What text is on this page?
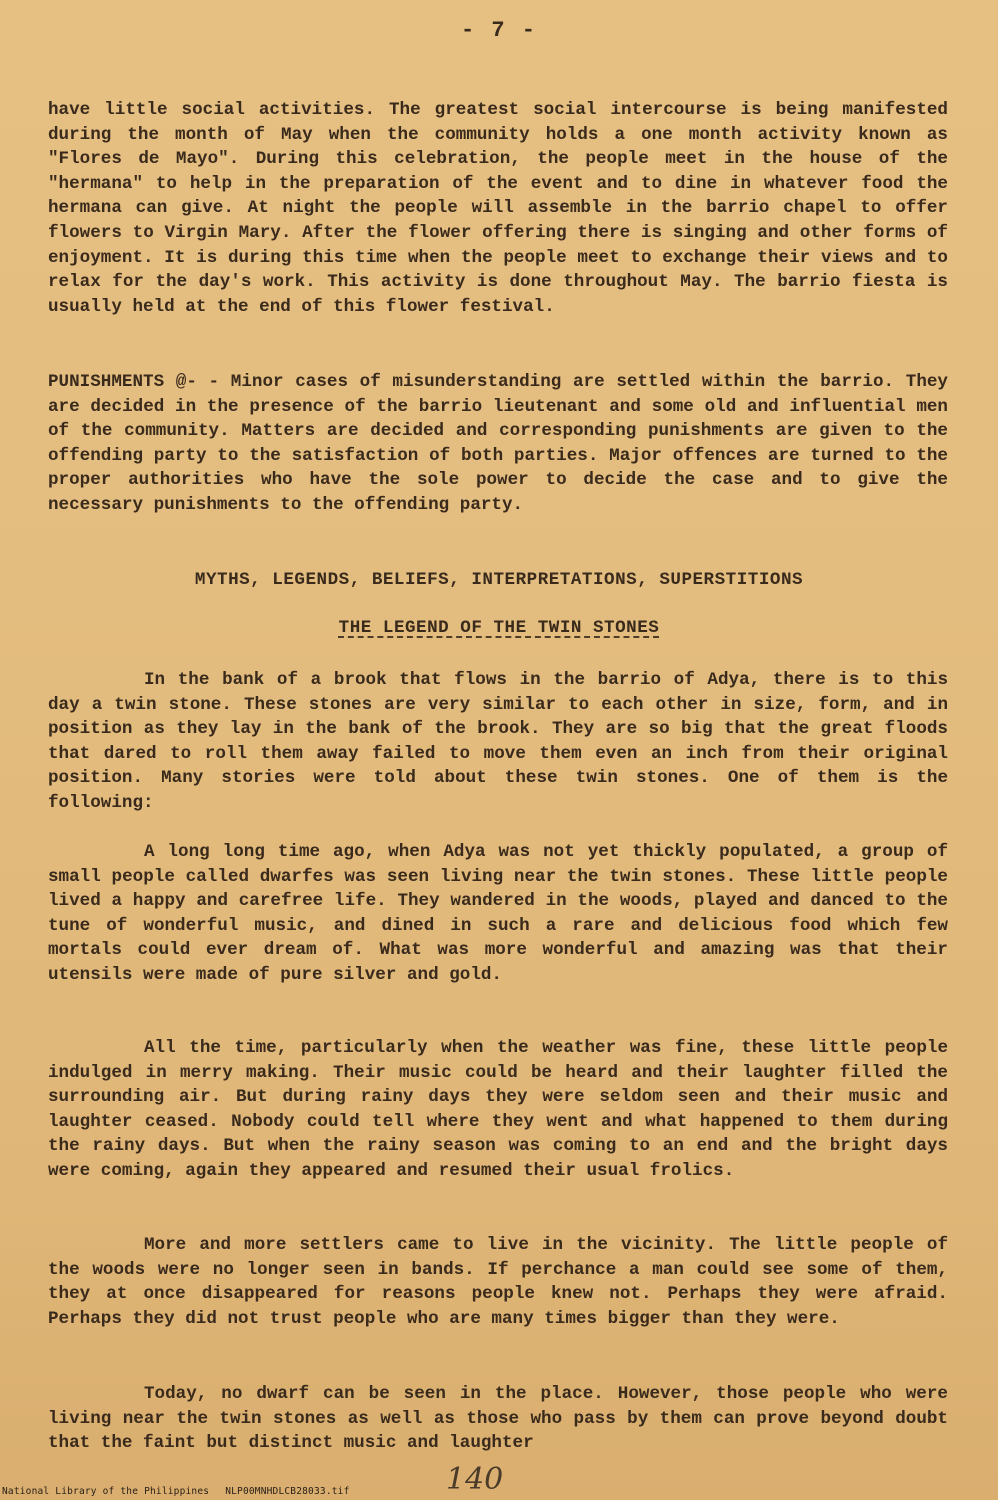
- 7 -
have little social activities. The greatest social intercourse is being manifested during the month of May when the community holds a one month activity known as "Flores de Mayo". During this celebration, the people meet in the house of the "hermana" to help in the preparation of the event and to dine in whatever food the hermana can give. At night the people will assemble in the barrio chapel to offer flowers to Virgin Mary. After the flower offering there is singing and other forms of enjoyment. It is during this time when the people meet to exchange their views and to relax for the day's work. This activity is done throughout May. The barrio fiesta is usually held at the end of this flower festival.
PUNISHMENTS @- - Minor cases of misunderstanding are settled within the barrio. They are decided in the presence of the barrio lieutenant and some old and influential men of the community. Matters are decided and corresponding punishments are given to the offending party to the satisfaction of both parties. Major offences are turned to the proper authorities who have the sole power to decide the case and to give the necessary punishments to the offending party.
MYTHS, LEGENDS, BELIEFS, INTERPRETATIONS, SUPERSTITIONS
THE LEGEND OF THE TWIN STONES
In the bank of a brook that flows in the barrio of Adya, there is to this day a twin stone. These stones are very similar to each other in size, form, and in position as they lay in the bank of the brook. They are so big that the great floods that dared to roll them away failed to move them even an inch from their original position. Many stories were told about these twin stones. One of them is the following:
A long long time ago, when Adya was not yet thickly populated, a group of small people called dwarfes was seen living near the twin stones. These little people lived a happy and carefree life. They wandered in the woods, played and danced to the tune of wonderful music, and dined in such a rare and delicious food which few mortals could ever dream of. What was more wonderful and amazing was that their utensils were made of pure silver and gold.
All the time, particularly when the weather was fine, these little people indulged in merry making. Their music could be heard and their laughter filled the surrounding air. But during rainy days they were seldom seen and their music and laughter ceased. Nobody could tell where they went and what happened to them during the rainy days. But when the rainy season was coming to an end and the bright days were coming, again they appeared and resumed their usual frolics.
More and more settlers came to live in the vicinity. The little people of the woods were no longer seen in bands. If perchance a man could see some of them, they at once disappeared for reasons people knew not. Perhaps they were afraid. Perhaps they did not trust people who are many times bigger than they were.
Today, no dwarf can be seen in the place. However, those people who were living near the twin stones as well as those who pass by them can prove beyond doubt that the faint but distinct music and laughter
140
National Library of the Philippines NLP00MNHDLCB28033.tif
